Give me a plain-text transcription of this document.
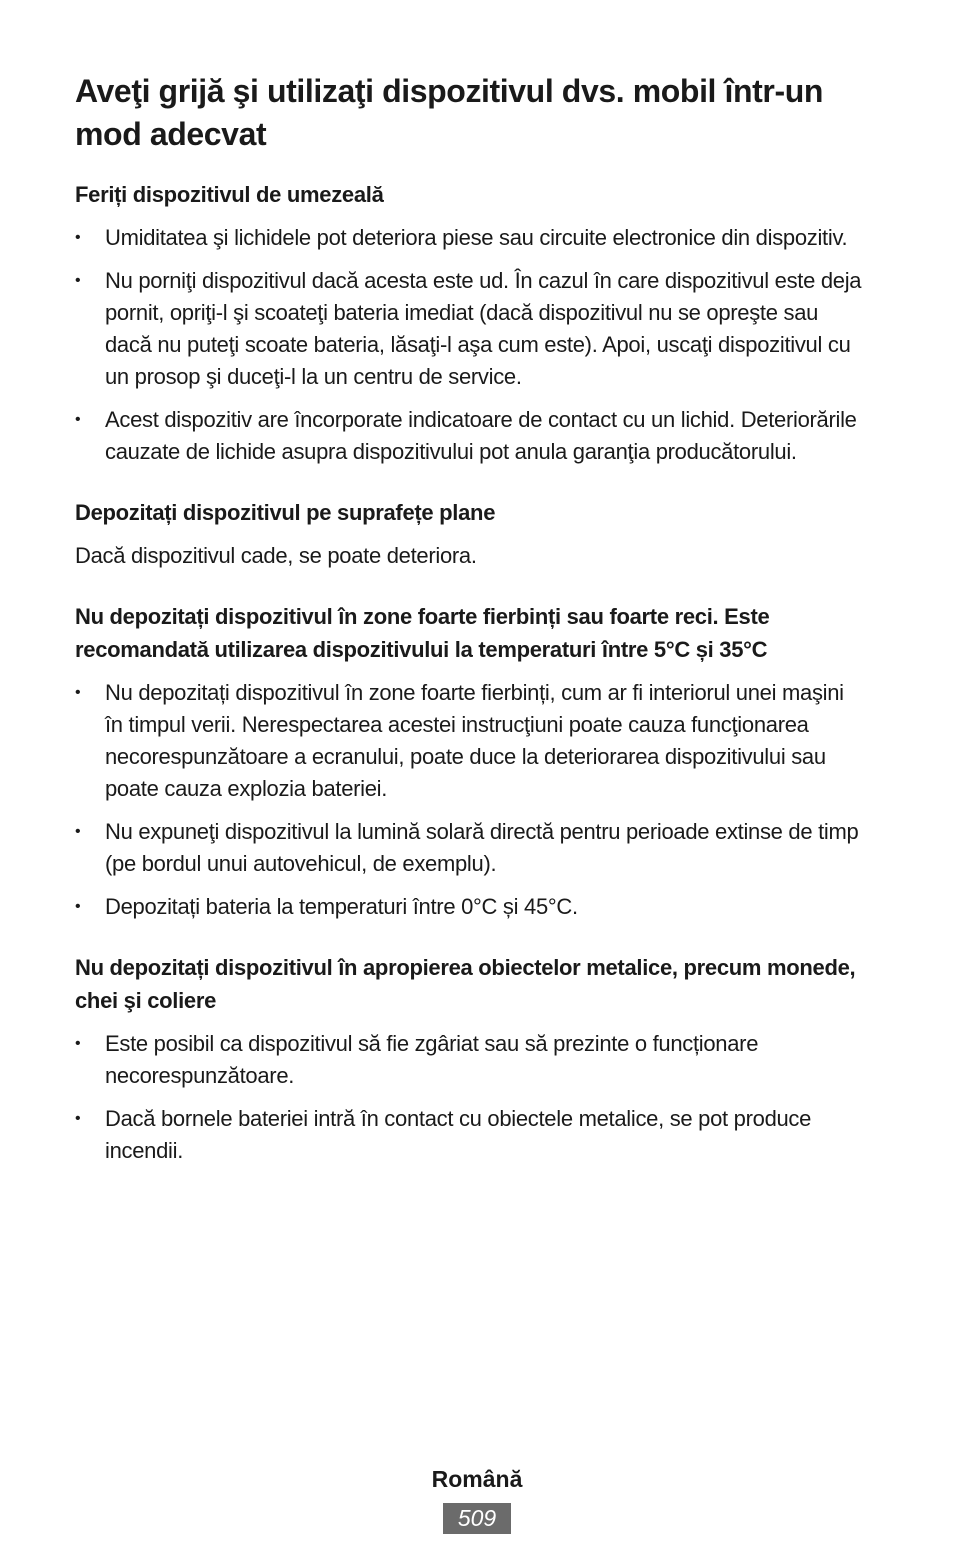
Aveţi grijă şi utilizaţi dispozitivul dvs. mobil într-un mod adecvat
Feriți dispozitivul de umezeală
• Umiditatea şi lichidele pot deteriora piese sau circuite electronice din dispozitiv.
• Nu porniţi dispozitivul dacă acesta este ud. În cazul în care dispozitivul este deja pornit, opriţi-l şi scoateţi bateria imediat (dacă dispozitivul nu se opreşte sau dacă nu puteţi scoate bateria, lăsaţi-l aşa cum este). Apoi, uscaţi dispozitivul cu un prosop şi duceţi-l la un centru de service.
• Acest dispozitiv are încorporate indicatoare de contact cu un lichid. Deteriorările cauzate de lichide asupra dispozitivului pot anula garanţia producătorului.
Depozitați dispozitivul pe suprafețe plane

Dacă dispozitivul cade, se poate deteriora.

Nu depozitați dispozitivul în zone foarte fierbinți sau foarte reci. Este recomandată utilizarea dispozitivului la temperaturi între 5°C și 35°C
• Nu depozitați dispozitivul în zone foarte fierbinți, cum ar fi interiorul unei maşini în timpul verii. Nerespectarea acestei instrucţiuni poate cauza funcţionarea necorespunzătoare a ecranului, poate duce la deteriorarea dispozitivului sau poate cauza explozia bateriei.
• Nu expuneţi dispozitivul la lumină solară directă pentru perioade extinse de timp (pe bordul unui autovehicul, de exemplu).
• Depozitați bateria la temperaturi între 0°C și 45°C.
Nu depozitați dispozitivul în apropierea obiectelor metalice, precum monede, chei şi coliere
• Este posibil ca dispozitivul să fie zgâriat sau să prezinte o funcționare necorespunzătoare.
• Dacă bornele bateriei intră în contact cu obiectele metalice, se pot produce incendii.
Română
509
